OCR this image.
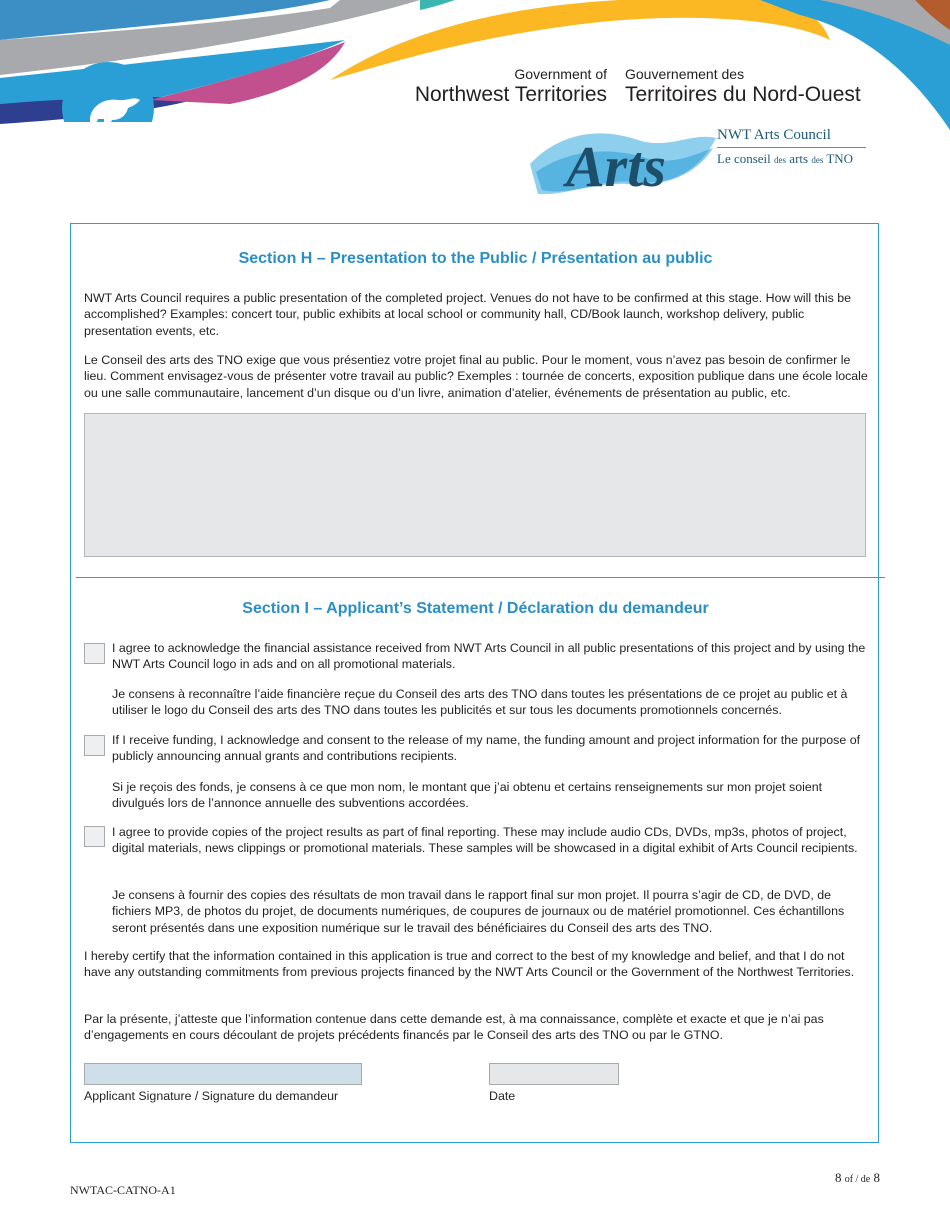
Government of
Northwest Territories
Gouvernement des
Territoires du Nord-Ouest
Arts	NWT Arts Council
Le conseil des arts des TNO
Section H – Presentation to the Public / Présentation au public

NWT Arts Council requires a public presentation of the completed project. Venues do not have to be confirmed at this stage. How will this be accomplished? Examples: concert tour, public exhibits at local school or community hall, CD/Book launch, workshop delivery, public presentation events, etc.

Le Conseil des arts des TNO exige que vous présentiez votre projet final au public. Pour le moment, vous n’avez pas besoin de confirmer le lieu. Comment envisagez-vous de présenter votre travail au public? Exemples : tournée de concerts, exposition publique dans une école locale ou une salle communautaire, lancement d’un disque ou d’un livre, animation d’atelier, événements de présentation au public, etc.

Section I – Applicant’s Statement / Déclaration du demandeur

I agree to acknowledge the financial assistance received from NWT Arts Council in all public presentations of this project and by using the NWT Arts Council logo in ads and on all promotional materials.

Je consens à reconnaître l’aide financière reçue du Conseil des arts des TNO dans toutes les présentations de ce projet au public et à utiliser le logo du Conseil des arts des TNO dans toutes les publicités et sur tous les documents promotionnels concernés.

If I receive funding, I acknowledge and consent to the release of my name, the funding amount and project information for the purpose of publicly announcing annual grants and contributions recipients.

Si je reçois des fonds, je consens à ce que mon nom, le montant que j’ai obtenu et certains renseignements sur mon projet soient divulgués lors de l’annonce annuelle des subventions accordées.

I agree to provide copies of the project results as part of final reporting. These may include audio CDs, DVDs, mp3s, photos of project, digital materials, news clippings or promotional materials. These samples will be showcased in a digital exhibit of Arts Council recipients.

Je consens à fournir des copies des résultats de mon travail dans le rapport final sur mon projet. Il pourra s’agir de CD, de DVD, de fichiers MP3, de photos du projet, de documents numériques, de coupures de journaux ou de matériel promotionnel. Ces échantillons seront présentés dans une exposition numérique sur le travail des bénéficiaires du Conseil des arts des TNO.

I hereby certify that the information contained in this application is true and correct to the best of my knowledge and belief, and that I do not have any outstanding commitments from previous projects financed by the NWT Arts Council or the Government of the Northwest Territories.

Par la présente, j’atteste que l’information contenue dans cette demande est, à ma connaissance, complète et exacte et que je n’ai pas d’engagements en cours découlant de projets précédents financés par le Conseil des arts des TNO ou par le GTNO.

Applicant Signature / Signature du demandeur	Date
8 of / de 8
NWTAC-CATNO-A1
